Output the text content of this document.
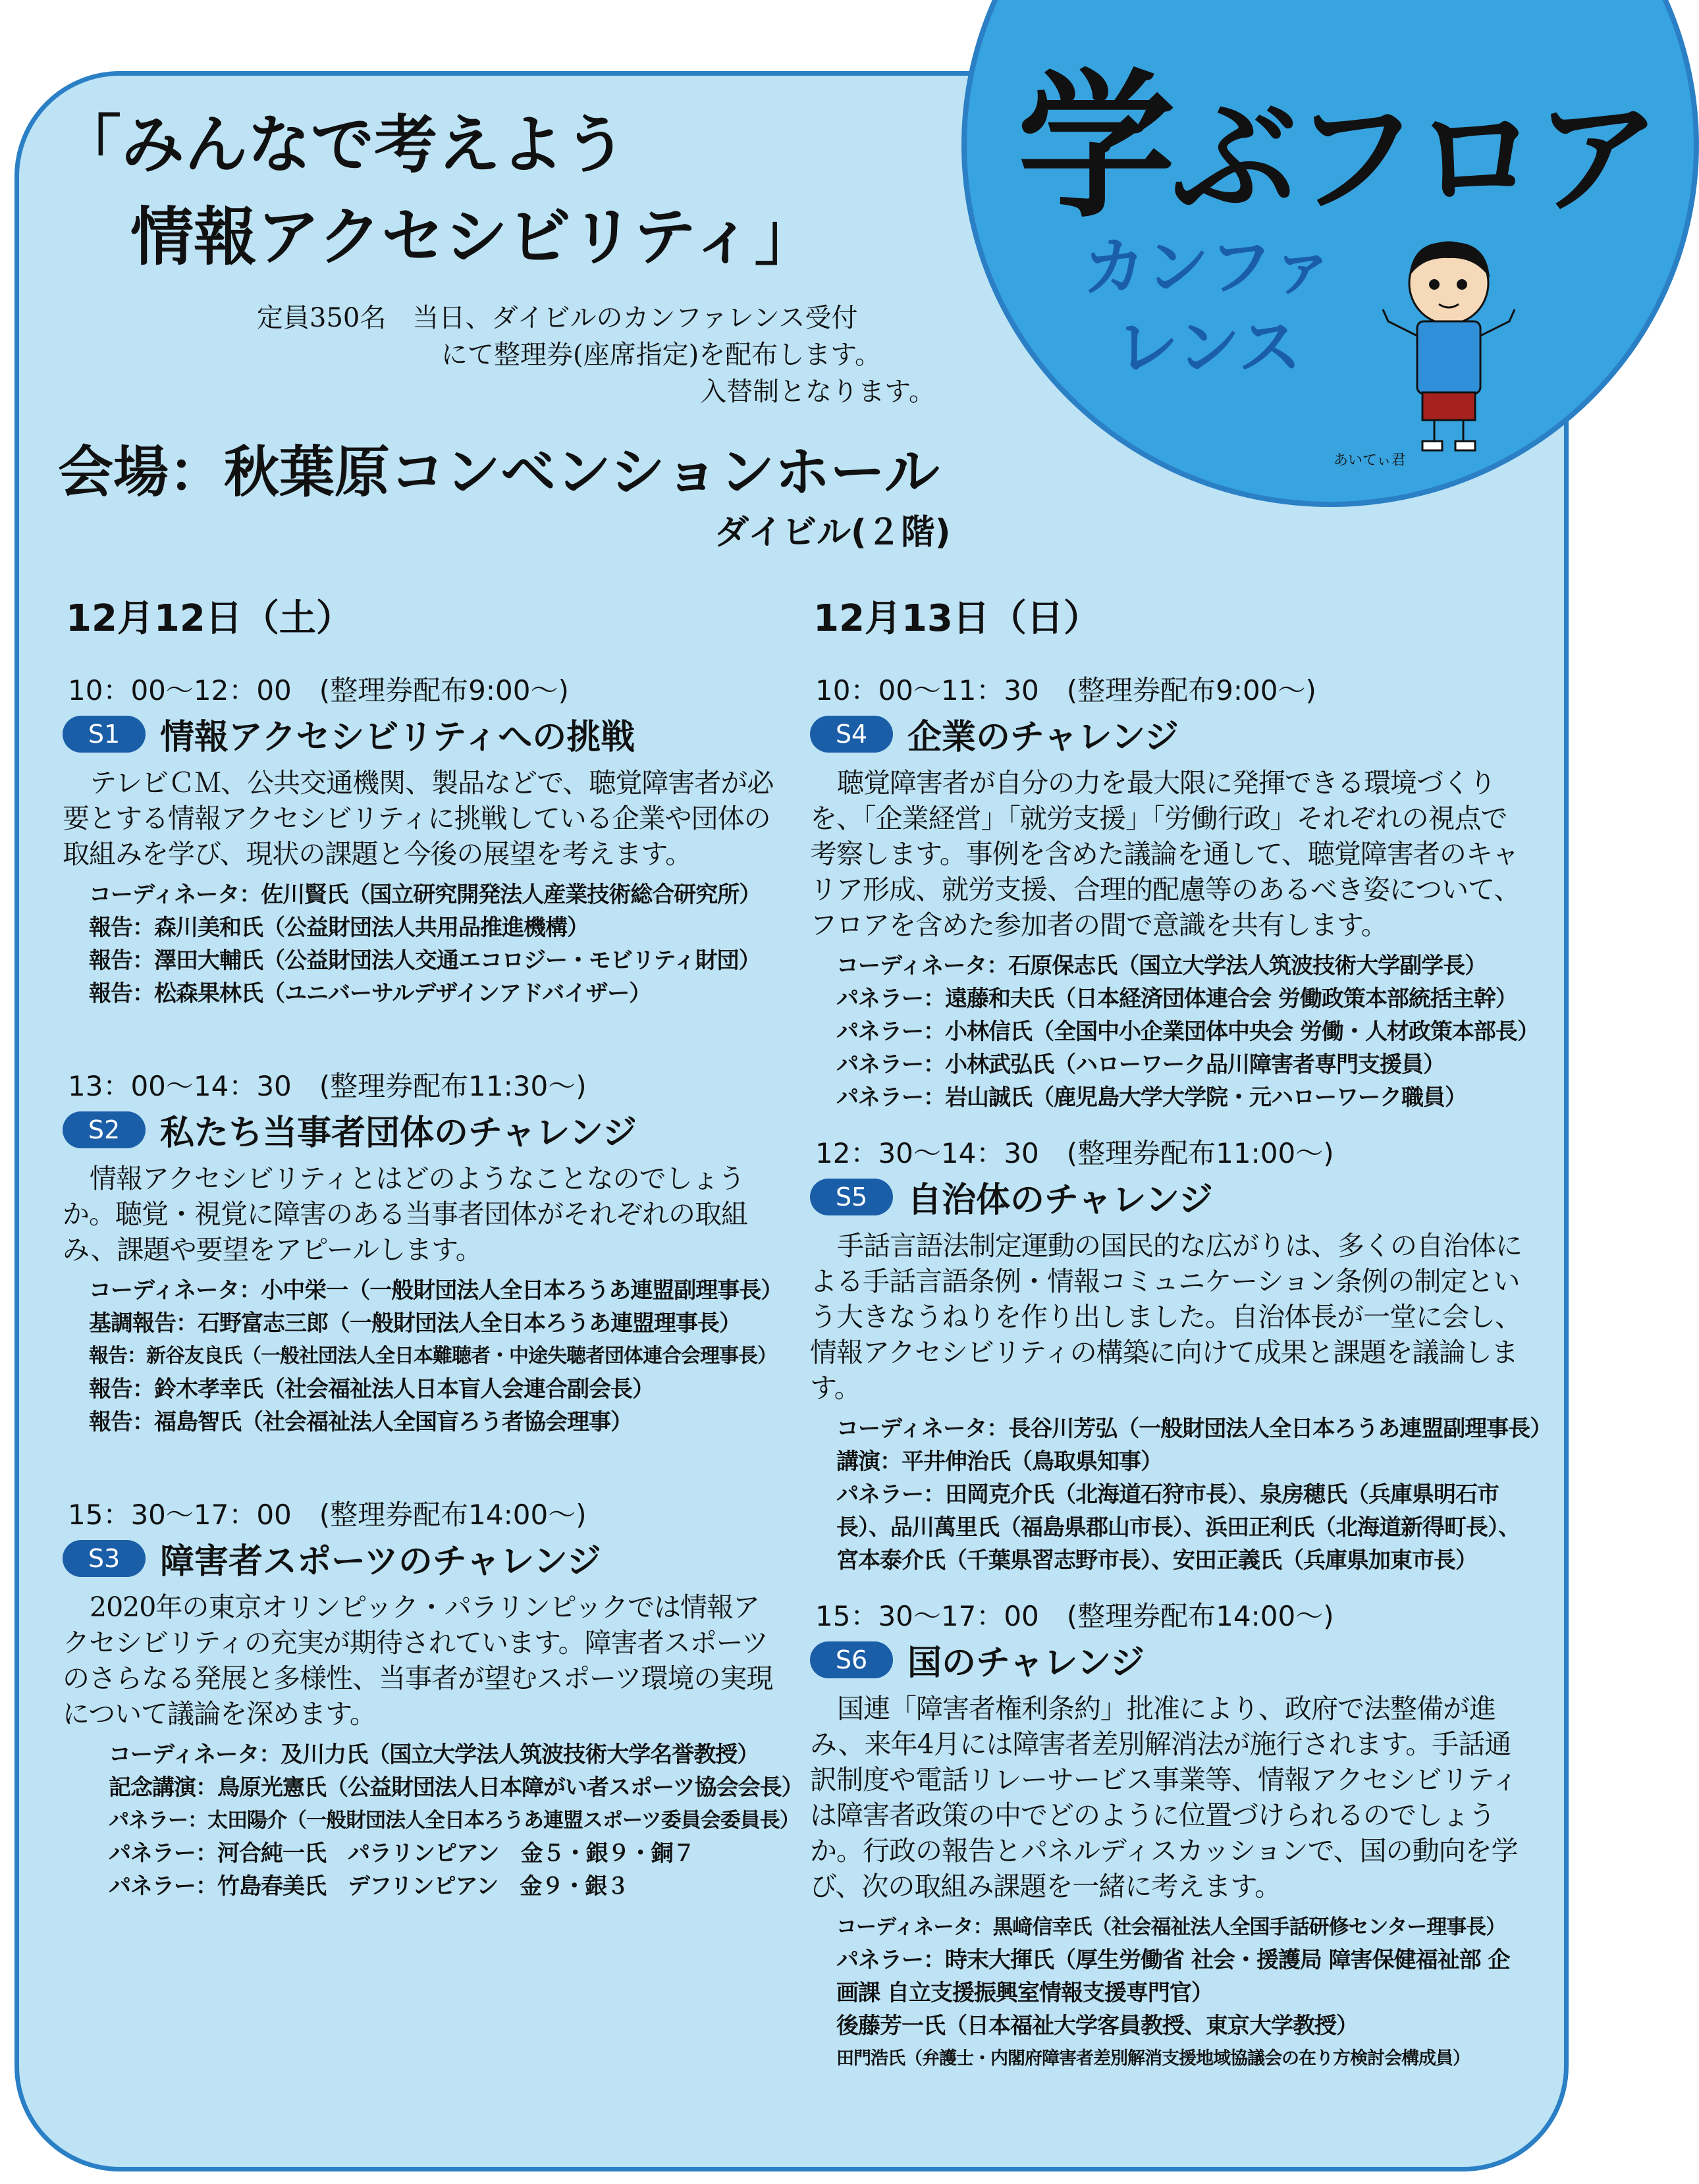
学ぶフロア
カンファ
レンス
あいてぃ君
「みんなで考えよう
情報アクセシビリティ」
定員350名　当日、ダイビルのカンファレンス受付
にて整理券(座席指定)を配布します。
入替制となります。
会場：秋葉原コンベンションホール
ダイビル(２階)
12月12日（土）
10：00〜12：00　(整理券配布9:00〜)
S1	情報アクセシビリティへの挑戦

テレビＣＭ、公共交通機関、製品などで、聴覚障害者が必要とする情報アクセシビリティに挑戦している企業や団体の取組みを学び、現状の課題と今後の展望を考えます。

コーディネータ：佐川賢氏（国立研究開発法人産業技術総合研究所）
報告：森川美和氏（公益財団法人共用品推進機構）
報告：澤田大輔氏（公益財団法人交通エコロジー・モビリティ財団）
報告：松森果林氏（ユニバーサルデザインアドバイザー）
13：00〜14：30　(整理券配布11:30〜)
S2	私たち当事者団体のチャレンジ

情報アクセシビリティとはどのようなことなのでしょうか。聴覚・視覚に障害のある当事者団体がそれぞれの取組み、課題や要望をアピールします。

コーディネータ：小中栄一（一般財団法人全日本ろうあ連盟副理事長）
基調報告：石野富志三郎（一般財団法人全日本ろうあ連盟理事長）
報告：新谷友良氏（一般社団法人全日本難聴者・中途失聴者団体連合会理事長）
報告：鈴木孝幸氏（社会福祉法人日本盲人会連合副会長）
報告：福島智氏（社会福祉法人全国盲ろう者協会理事）
15：30〜17：00　(整理券配布14:00〜)
S3	障害者スポーツのチャレンジ

2020年の東京オリンピック・パラリンピックでは情報アクセシビリティの充実が期待されています。障害者スポーツのさらなる発展と多様性、当事者が望むスポーツ環境の実現について議論を深めます。

コーディネータ：及川力氏（国立大学法人筑波技術大学名誉教授）
記念講演：鳥原光憲氏（公益財団法人日本障がい者スポーツ協会会長）
パネラー：太田陽介（一般財団法人全日本ろうあ連盟スポーツ委員会委員長）
パネラー：河合純一氏　パラリンピアン　金５・銀９・銅７
パネラー：竹島春美氏　デフリンピアン　金９・銀３
12月13日（日）
10：00〜11：30　(整理券配布9:00〜)
S4	企業のチャレンジ

聴覚障害者が自分の力を最大限に発揮できる環境づくりを、「企業経営」「就労支援」「労働行政」それぞれの視点で考察します。事例を含めた議論を通して、聴覚障害者のキャリア形成、就労支援、合理的配慮等のあるべき姿について、フロアを含めた参加者の間で意識を共有します。

コーディネータ：石原保志氏（国立大学法人筑波技術大学副学長）
パネラー：遠藤和夫氏（日本経済団体連合会 労働政策本部統括主幹）
パネラー：小林信氏（全国中小企業団体中央会 労働・人材政策本部長）
パネラー：小林武弘氏（ハローワーク品川障害者専門支援員）
パネラー：岩山誠氏（鹿児島大学大学院・元ハローワーク職員）
12：30〜14：30　(整理券配布11:00〜)
S5	自治体のチャレンジ

手話言語法制定運動の国民的な広がりは、多くの自治体による手話言語条例・情報コミュニケーション条例の制定という大きなうねりを作り出しました。自治体長が一堂に会し、情報アクセシビリティの構築に向けて成果と課題を議論します。

コーディネータ：長谷川芳弘（一般財団法人全日本ろうあ連盟副理事長）
講演：平井伸治氏（鳥取県知事）
パネラー：田岡克介氏（北海道石狩市長）、泉房穂氏（兵庫県明石市長）、品川萬里氏（福島県郡山市長）、浜田正利氏（北海道新得町長）、宮本泰介氏（千葉県習志野市長）、安田正義氏（兵庫県加東市長）
15：30〜17：00　(整理券配布14:00〜)
S6	国のチャレンジ

国連「障害者権利条約」批准により、政府で法整備が進み、来年4月には障害者差別解消法が施行されます。手話通訳制度や電話リレーサービス事業等、情報アクセシビリティは障害者政策の中でどのように位置づけられるのでしょうか。行政の報告とパネルディスカッションで、国の動向を学び、次の取組み課題を一緒に考えます。

コーディネータ：黒﨑信幸氏（社会福祉法人全国手話研修センター理事長）
パネラー：時末大揮氏（厚生労働省 社会・援護局 障害保健福祉部 企画課 自立支援振興室情報支援専門官）
後藤芳一氏（日本福祉大学客員教授、東京大学教授）
田門浩氏（弁護士・内閣府障害者差別解消支援地域協議会の在り方検討会構成員）
